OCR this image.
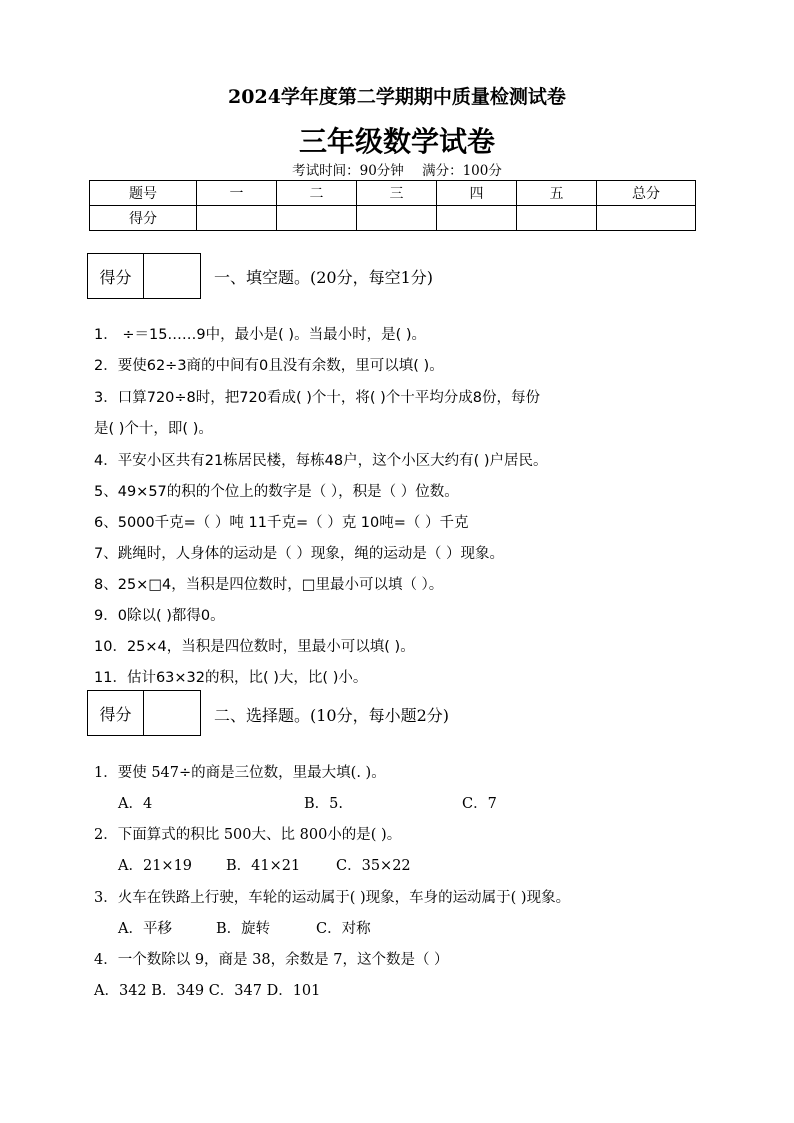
2024学年度第二学期期中质量检测试卷
三年级数学试卷
考试时间：90分钟 满分：100分
题号	一	二	三	四	五	总分
得分						
得分	一、填空题。(20分，每空1分)
1． ÷＝15……9中，最小是( )。当最小时，是( )。
2．要使62÷3商的中间有0且没有余数，里可以填( )。
3．口算720÷8时，把720看成( )个十，将( )个十平均分成8份，每份
是( )个十，即( )。
4．平安小区共有21栋居民楼，每栋48户，这个小区大约有( )户居民。
5、49×57的积的个位上的数字是（ ），积是（ ）位数。
6、5000千克=（ ）吨 11千克=（ ）克 10吨=（ ）千克
7、跳绳时，人身体的运动是（ ）现象，绳的运动是（ ）现象。
8、25×□4，当积是四位数时，□里最小可以填（ ）。
9．0除以( )都得0。
10．25×4，当积是四位数时，里最小可以填( )。
11．估计63×32的积，比( )大，比( )小。
得分	二、选择题。(10分，每小题2分)
1．要使 547÷的商是三位数，里最大填(. )。
A．4	B．5.	C．7
2．下面算式的积比 500大、比 800小的是( )。
A．21×19 B．41×21 C．35×22
3．火车在铁路上行驶，车轮的运动属于( )现象，车身的运动属于( )现象。
A．平移	B．旋转	C．对称
4．一个数除以 9，商是 38，余数是 7，这个数是（ ）
A．342 B．349 C．347 D．101
